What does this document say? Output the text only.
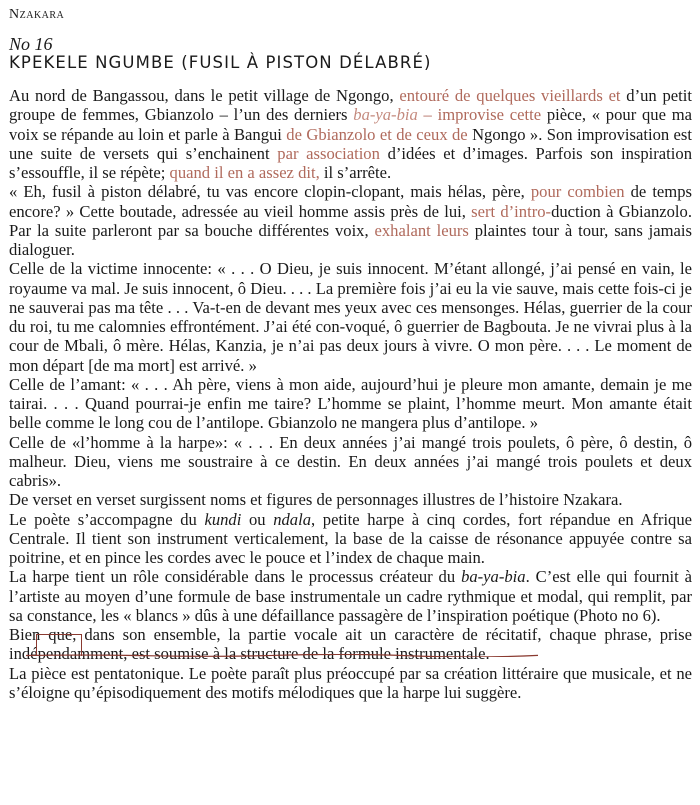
Nzakara
No 16
KPEKELE NGUMBE (FUSIL À PISTON DÉLABRÉ)

Au nord de Bangassou, dans le petit village de Ngongo, entouré de quelques vieillards et d’un petit groupe de femmes, Gbianzolo – l’un des derniers ba-ya-bia – improvise cette pièce, « pour que ma voix se répande au loin et parle à Bangui de Gbianzolo et de ceux de Ngongo ». Son improvisation est une suite de versets qui s’enchainent par association d’idées et d’images. Parfois son inspiration s’essouffle, il se répète; quand il en a assez dit, il s’arrête.

« Eh, fusil à piston délabré, tu vas encore clopin-clopant, mais hélas, père, pour combien de temps encore? » Cette boutade, adressée au vieil homme assis près de lui, sert d’intro-duction à Gbianzolo. Par la suite parleront par sa bouche différentes voix, exhalant leurs plaintes tour à tour, sans jamais dialoguer.

Celle de la victime innocente: « . . . O Dieu, je suis innocent. M’étant allongé, j’ai pensé en vain, le royaume va mal. Je suis innocent, ô Dieu. . . . La première fois j’ai eu la vie sauve, mais cette fois-ci je ne sauverai pas ma tête . . . Va-t-en de devant mes yeux avec ces mensonges. Hélas, guerrier de la cour du roi, tu me calomnies effrontément. J’ai été con-voqué, ô guerrier de Bagbouta. Je ne vivrai plus à la cour de Mbali, ô mère. Hélas, Kanzia, je n’ai pas deux jours à vivre. O mon père. . . . Le moment de mon départ [de ma mort] est arrivé. »

Celle de l’amant: « . . . Ah père, viens à mon aide, aujourd’hui je pleure mon amante, demain je me tairai. . . . Quand pourrai-je enfin me taire? L’homme se plaint, l’homme meurt. Mon amante était belle comme le long cou de l’antilope. Gbianzolo ne mangera plus d’antilope. »

Celle de «l’homme à la harpe»: « . . . En deux années j’ai mangé trois poulets, ô père, ô destin, ô malheur. Dieu, viens me soustraire à ce destin. En deux années j’ai mangé trois poulets et deux cabris».

De verset en verset surgissent noms et figures de personnages illustres de l’histoire Nzakara.

Le poète s’accompagne du kundi ou ndala, petite harpe à cinq cordes, fort répandue en Afrique Centrale. Il tient son instrument verticalement, la base de la caisse de résonance appuyée contre sa poitrine, et en pince les cordes avec le pouce et l’index de chaque main.

La harpe tient un rôle considérable dans le processus créateur du ba-ya-bia. C’est elle qui fournit à l’artiste au moyen d’une formule de base instrumentale un cadre rythmique et modal, qui remplit, par sa constance, les « blancs » dûs à une défaillance passagère de l’inspiration poétique (Photo no 6).

Bien que, dans son ensemble, la partie vocale ait un caractère de récitatif, chaque phrase, prise indépendamment, est soumise à la structure de la formule instrumentale.

La pièce est pentatonique. Le poète paraît plus préoccupé par sa création littéraire que musicale, et ne s’éloigne qu’épisodiquement des motifs mélodiques que la harpe lui suggère.
